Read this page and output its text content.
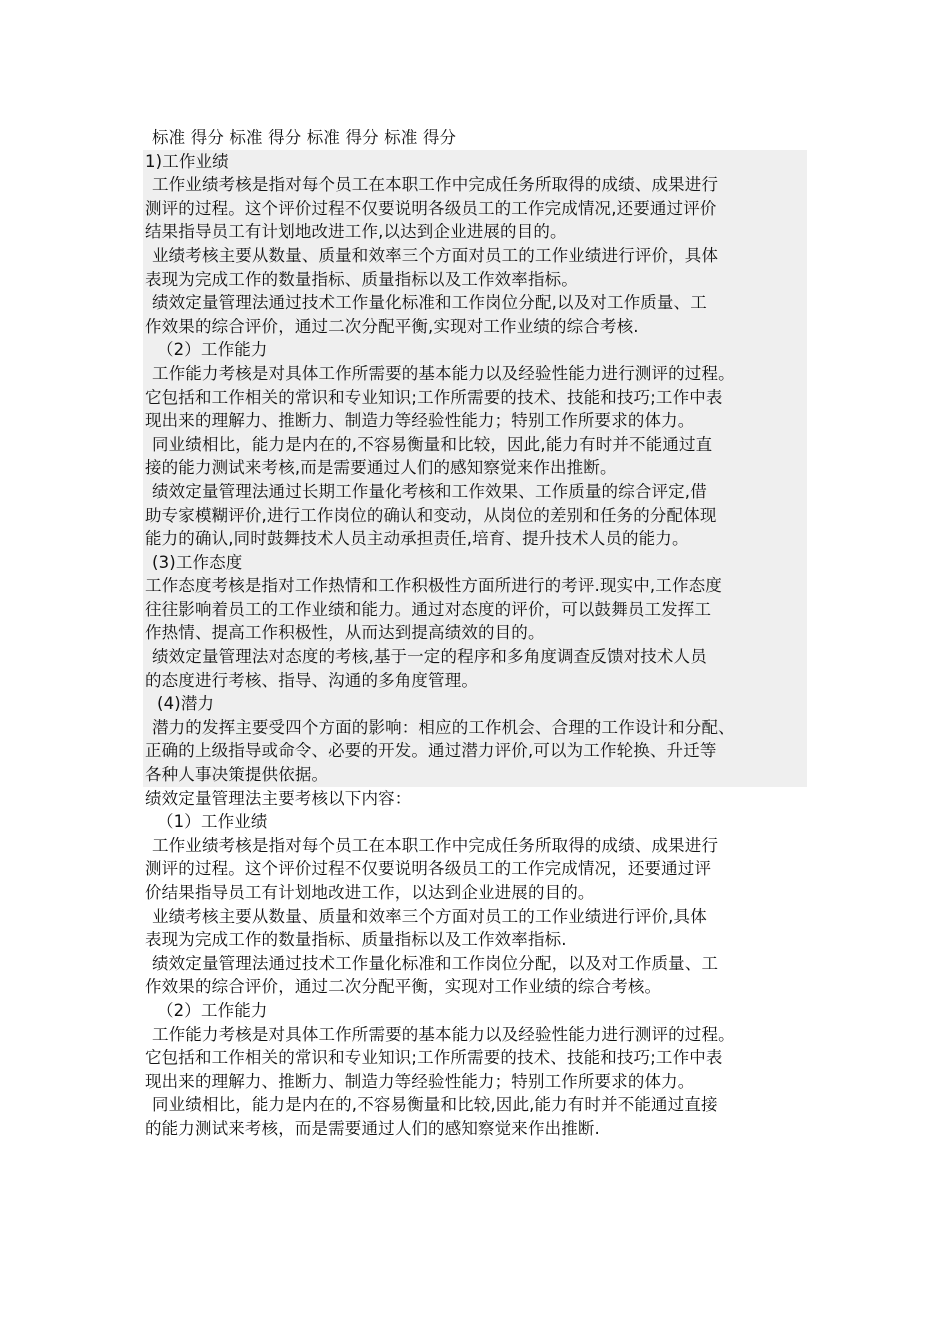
标准 得分 标准 得分 标准 得分 标准 得分
1)工作业绩
工作业绩考核是指对每个员工在本职工作中完成任务所取得的成绩、成果进行
测评的过程。这个评价过程不仅要说明各级员工的工作完成情况,还要通过评价
结果指导员工有计划地改进工作,以达到企业进展的目的。
业绩考核主要从数量、质量和效率三个方面对员工的工作业绩进行评价，具体
表现为完成工作的数量指标、质量指标以及工作效率指标。
绩效定量管理法通过技术工作量化标准和工作岗位分配,以及对工作质量、工
作效果的综合评价，通过二次分配平衡,实现对工作业绩的综合考核.
（2）工作能力
工作能力考核是对具体工作所需要的基本能力以及经验性能力进行测评的过程。
它包括和工作相关的常识和专业知识;工作所需要的技术、技能和技巧;工作中表
现出来的理解力、推断力、制造力等经验性能力；特别工作所要求的体力。
同业绩相比，能力是内在的,不容易衡量和比较，因此,能力有时并不能通过直
接的能力测试来考核,而是需要通过人们的感知察觉来作出推断。
绩效定量管理法通过长期工作量化考核和工作效果、工作质量的综合评定,借
助专家模糊评价,进行工作岗位的确认和变动，从岗位的差别和任务的分配体现
能力的确认,同时鼓舞技术人员主动承担责任,培育、提升技术人员的能力。
(3)工作态度
工作态度考核是指对工作热情和工作积极性方面所进行的考评.现实中,工作态度
往往影响着员工的工作业绩和能力。通过对态度的评价，可以鼓舞员工发挥工
作热情、提高工作积极性，从而达到提高绩效的目的。
绩效定量管理法对态度的考核,基于一定的程序和多角度调查反馈对技术人员
的态度进行考核、指导、沟通的多角度管理。
(4)潜力
潜力的发挥主要受四个方面的影响：相应的工作机会、合理的工作设计和分配、
正确的上级指导或命令、必要的开发。通过潜力评价,可以为工作轮换、升迁等
各种人事决策提供依据。
绩效定量管理法主要考核以下内容：
（1）工作业绩
工作业绩考核是指对每个员工在本职工作中完成任务所取得的成绩、成果进行
测评的过程。这个评价过程不仅要说明各级员工的工作完成情况，还要通过评
价结果指导员工有计划地改进工作，以达到企业进展的目的。
业绩考核主要从数量、质量和效率三个方面对员工的工作业绩进行评价,具体
表现为完成工作的数量指标、质量指标以及工作效率指标.
绩效定量管理法通过技术工作量化标准和工作岗位分配，以及对工作质量、工
作效果的综合评价，通过二次分配平衡，实现对工作业绩的综合考核。
（2）工作能力
工作能力考核是对具体工作所需要的基本能力以及经验性能力进行测评的过程。
它包括和工作相关的常识和专业知识;工作所需要的技术、技能和技巧;工作中表
现出来的理解力、推断力、制造力等经验性能力；特别工作所要求的体力。
同业绩相比，能力是内在的,不容易衡量和比较,因此,能力有时并不能通过直接
的能力测试来考核，而是需要通过人们的感知察觉来作出推断.
